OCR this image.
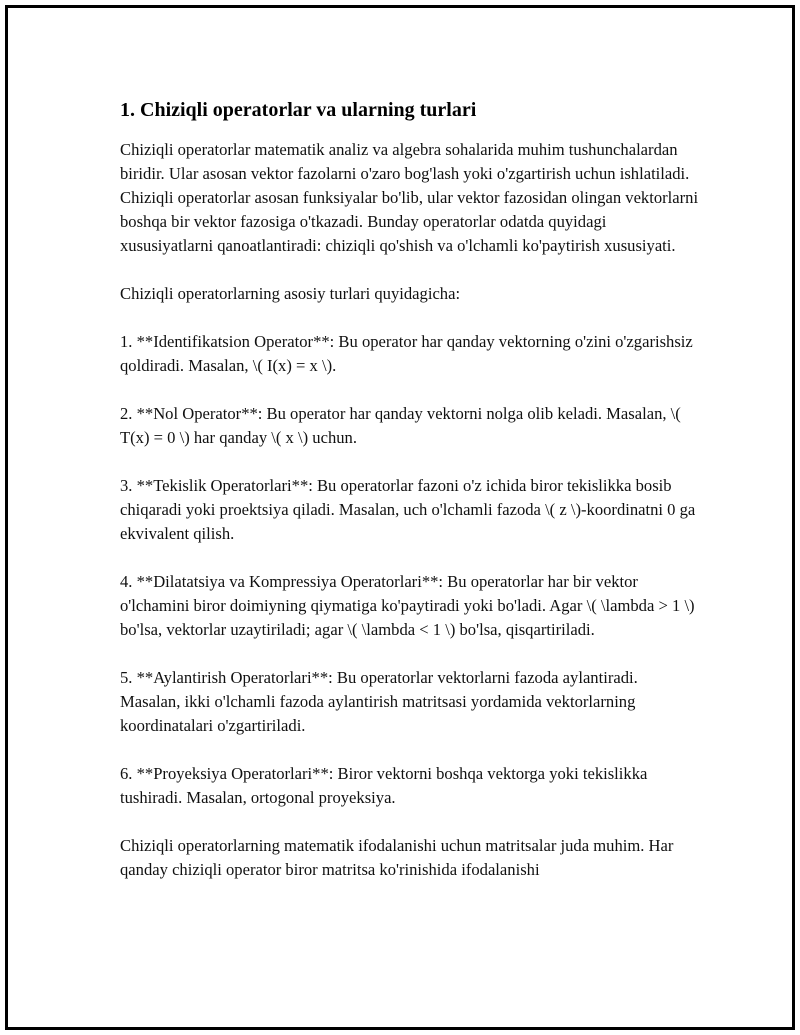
1. Chiziqli operatorlar va ularning turlari

Chiziqli operatorlar matematik analiz va algebra sohalarida muhim tushunchalardan biridir. Ular asosan vektor fazolarni o'zaro bog'lash yoki o'zgartirish uchun ishlatiladi. Chiziqli operatorlar asosan funksiyalar bo'lib, ular vektor fazosidan olingan vektorlarni boshqa bir vektor fazosiga o'tkazadi. Bunday operatorlar odatda quyidagi xususiyatlarni qanoatlantiradi: chiziqli qo'shish va o'lchamli ko'paytirish xususiyati.

Chiziqli operatorlarning asosiy turlari quyidagicha:

1. **Identifikatsion Operator**: Bu operator har qanday vektorning o'zini o'zgarishsiz qoldiradi. Masalan, \( I(x) = x \).

2. **Nol Operator**: Bu operator har qanday vektorni nolga olib keladi. Masalan, \( T(x) = 0 \) har qanday \( x \) uchun.

3. **Tekislik Operatorlari**: Bu operatorlar fazoni o'z ichida biror tekislikka bosib chiqaradi yoki proektsiya qiladi. Masalan, uch o'lchamli fazoda \( z \)-koordinatni 0 ga ekvivalent qilish.

4. **Dilatatsiya va Kompressiya Operatorlari**: Bu operatorlar har bir vektor o'lchamini biror doimiyning qiymatiga ko'paytiradi yoki bo'ladi. Agar \( \lambda > 1 \) bo'lsa, vektorlar uzaytiriladi; agar \( \lambda < 1 \) bo'lsa, qisqartiriladi.

5. **Aylantirish Operatorlari**: Bu operatorlar vektorlarni fazoda aylantiradi. Masalan, ikki o'lchamli fazoda aylantirish matritsasi yordamida vektorlarning koordinatalari o'zgartiriladi.

6. **Proyeksiya Operatorlari**: Biror vektorni boshqa vektorga yoki tekislikka tushiradi. Masalan, ortogonal proyeksiya.

Chiziqli operatorlarning matematik ifodalanishi uchun matritsalar juda muhim. Har qanday chiziqli operator biror matritsa ko'rinishida ifodalanishi
